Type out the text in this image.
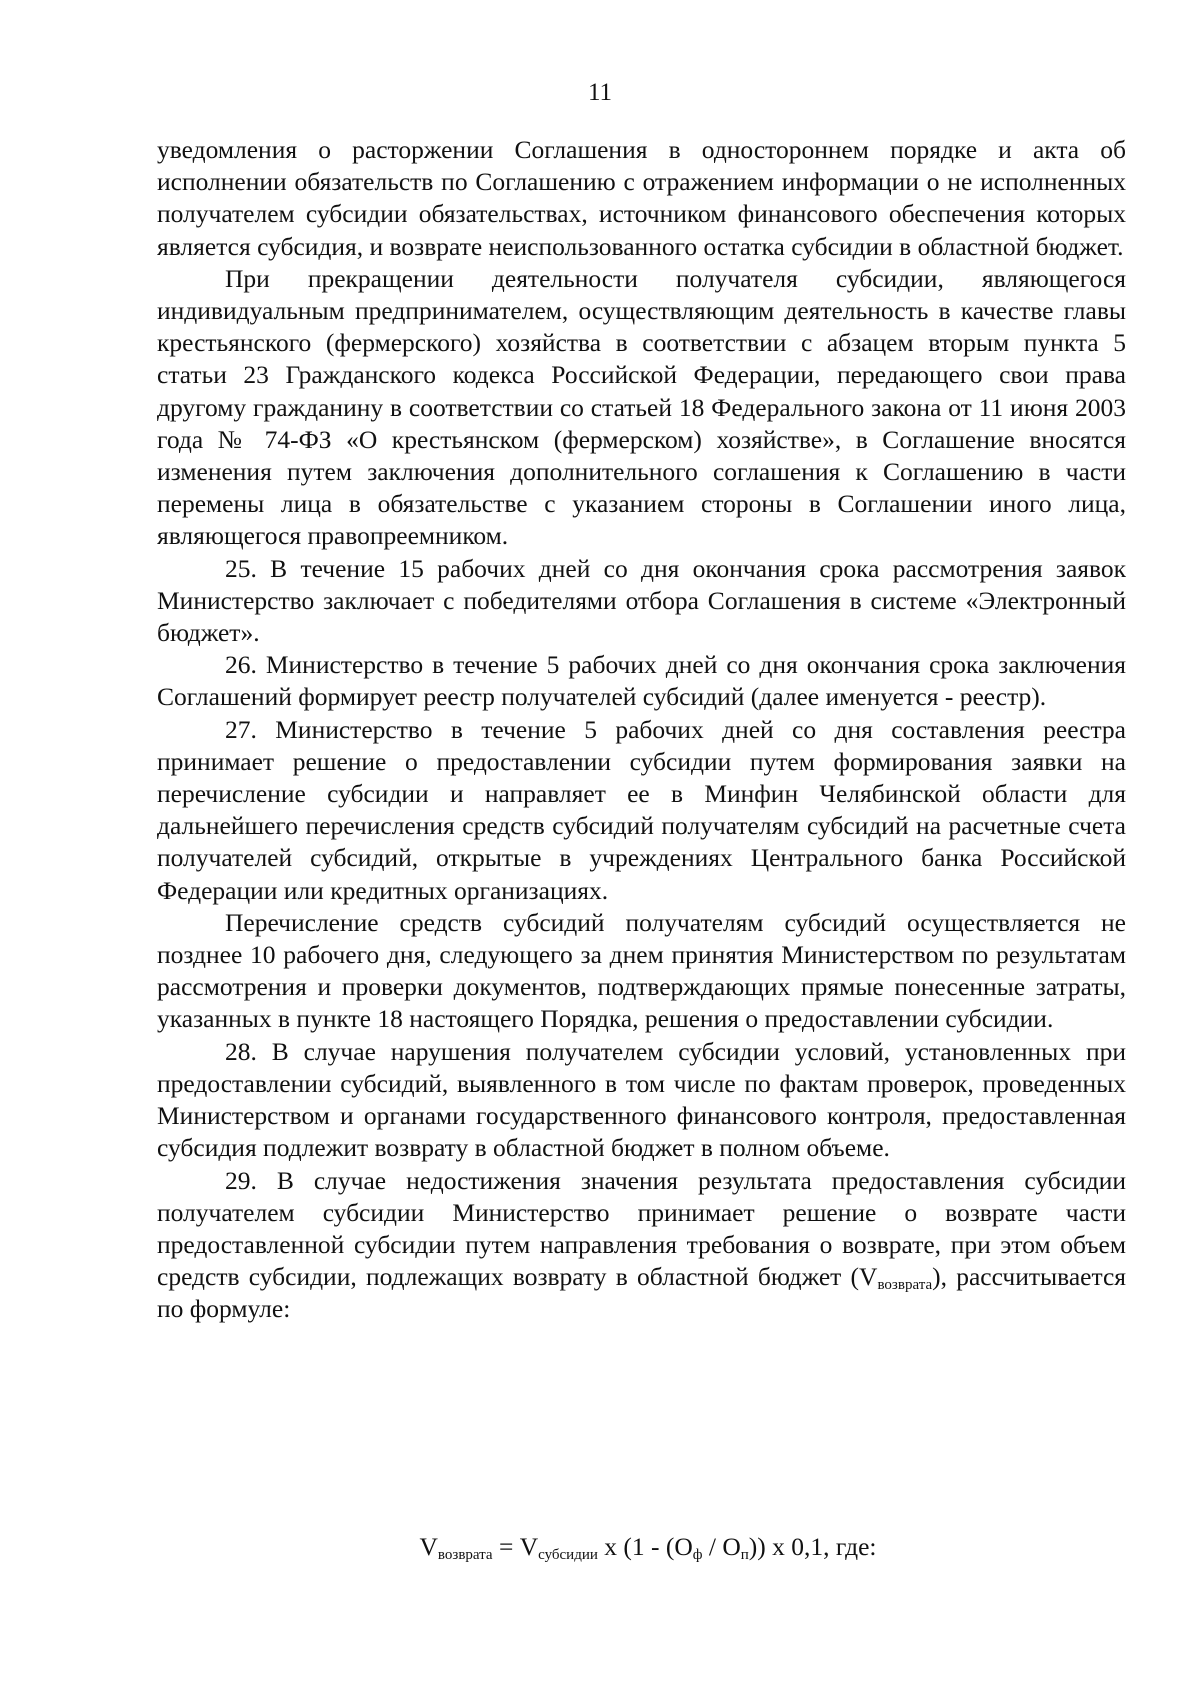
11

уведомления о расторжении Соглашения в одностороннем порядке и акта об исполнении обязательств по Соглашению с отражением информации о не исполненных получателем субсидии обязательствах, источником финансового обеспечения которых является субсидия, и возврате неиспользованного остатка субсидии в областной бюджет.

При прекращении деятельности получателя субсидии, являющегося индивидуальным предпринимателем, осуществляющим деятельность в качестве главы крестьянского (фермерского) хозяйства в соответствии с абзацем вторым пункта 5 статьи 23 Гражданского кодекса Российской Федерации, передающего свои права другому гражданину в соответствии со статьей 18 Федерального закона от 11 июня 2003 года № 74-ФЗ «О крестьянском (фермерском) хозяйстве», в Соглашение вносятся изменения путем заключения дополнительного соглашения к Соглашению в части перемены лица в обязательстве с указанием стороны в Соглашении иного лица, являющегося правопреемником.

25. В течение 15 рабочих дней со дня окончания срока рассмотрения заявок Министерство заключает с победителями отбора Соглашения в системе «Электронный бюджет».

26. Министерство в течение 5 рабочих дней со дня окончания срока заключения Соглашений формирует реестр получателей субсидий (далее именуется - реестр).

27. Министерство в течение 5 рабочих дней со дня составления реестра принимает решение о предоставлении субсидии путем формирования заявки на перечисление субсидии и направляет ее в Минфин Челябинской области для дальнейшего перечисления средств субсидий получателям субсидий на расчетные счета получателей субсидий, открытые в учреждениях Центрального банка Российской Федерации или кредитных организациях.

Перечисление средств субсидий получателям субсидий осуществляется не позднее 10 рабочего дня, следующего за днем принятия Министерством по результатам рассмотрения и проверки документов, подтверждающих прямые понесенные затраты, указанных в пункте 18 настоящего Порядка, решения о предоставлении субсидии.

28. В случае нарушения получателем субсидии условий, установленных при предоставлении субсидий, выявленного в том числе по фактам проверок, проведенных Министерством и органами государственного финансового контроля, предоставленная субсидия подлежит возврату в областной бюджет в полном объеме.

29. В случае недостижения значения результата предоставления субсидии получателем субсидии Министерство принимает решение о возврате части предоставленной субсидии путем направления требования о возврате, при этом объем средств субсидии, подлежащих возврату в областной бюджет $(V_{возврата})$, рассчитывается по формуле:

$V_{возврата} = V_{субсидии}$ x $(1 - (O_ф / O_п))$ x 0,1, где:
